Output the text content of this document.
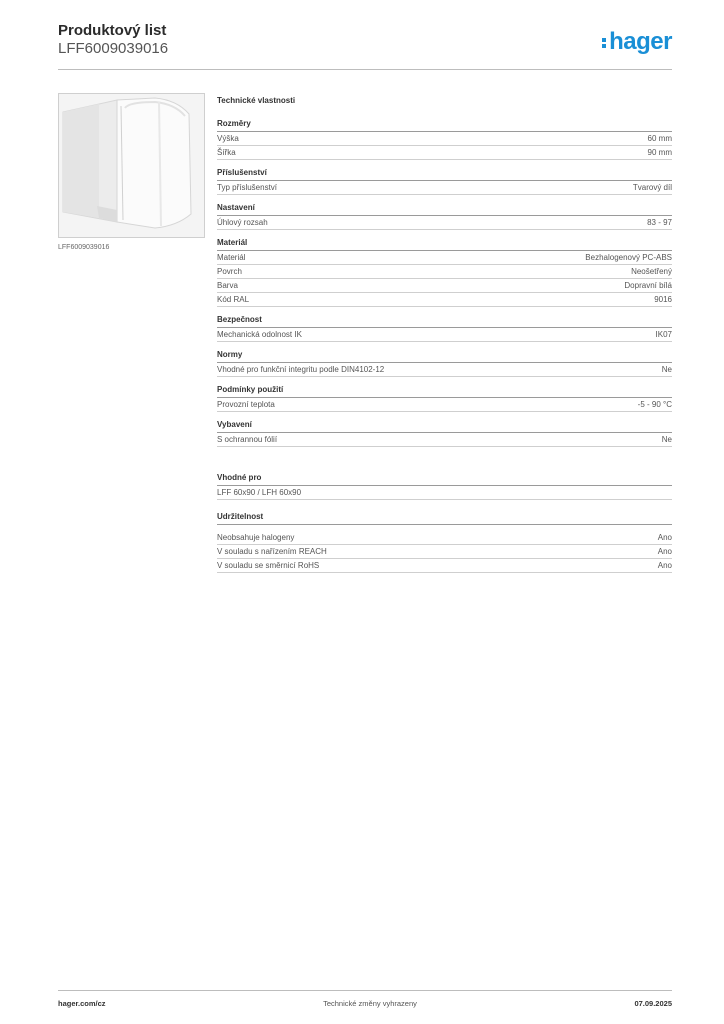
Produktový list
LFF6009039016	hager
LFF6009039016
Technické vlastnosti
Rozměry
Výška	60 mm
Šířka	90 mm
Příslušenství
Typ příslušenství	Tvarový díl
Nastavení
Úhlový rozsah	83 - 97
Materiál
Materiál	Bezhalogenový PC-ABS
Povrch	Neošetřený
Barva	Dopravní bílá
Kód RAL	9016
Bezpečnost
Mechanická odolnost IK	IK07
Normy
Vhodné pro funkční integritu podle DIN4102-12	Ne
Podmínky použití
Provozní teplota	-5 - 90 °C
Vybavení
S ochrannou fólií	Ne
Vhodné pro
LFF 60x90 / LFH 60x90
Udržitelnost
Neobsahuje halogeny	Ano
V souladu s nařízením REACH	Ano
V souladu se směrnicí RoHS	Ano
hager.com/cz	Technické změny vyhrazeny	07.09.2025
